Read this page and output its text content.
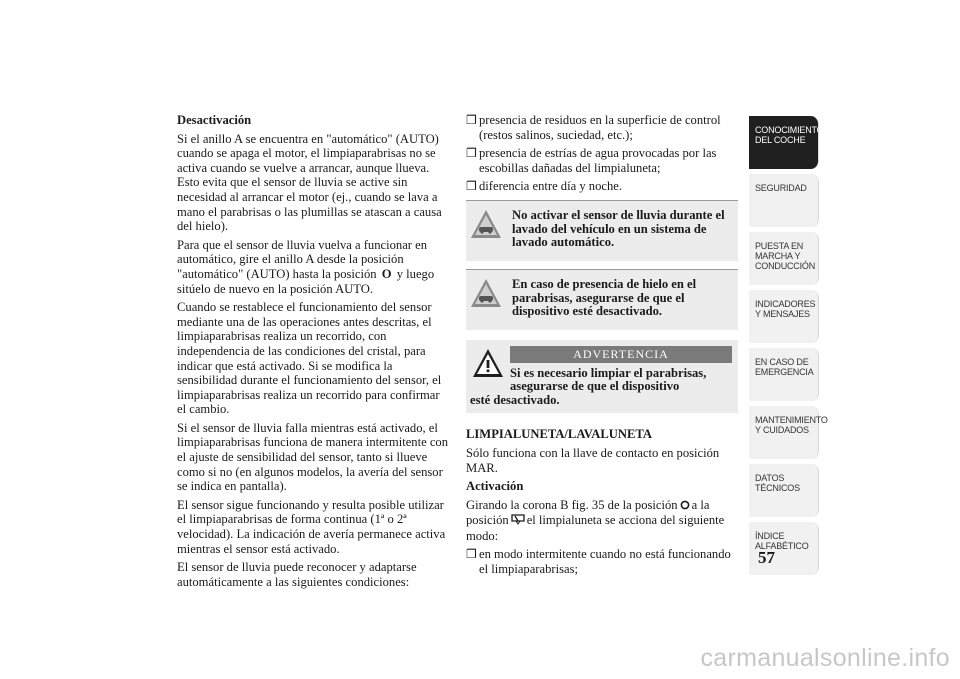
Desactivación

Si el anillo A se encuentra en "automático" (AUTO) cuando se apaga el motor, el limpiaparabrisas no se activa cuando se vuelve a arrancar, aunque llueva. Esto evita que el sensor de lluvia se active sin necesidad al arrancar el motor (ej., cuando se lava a mano el parabrisas o las plumillas se atascan a causa del hielo).

Para que el sensor de lluvia vuelva a funcionar en automático, gire el anillo A desde la posición "automático" (AUTO) hasta la posición O y luego sitúelo de nuevo en la posición AUTO.

Cuando se restablece el funcionamiento del sensor mediante una de las operaciones antes descritas, el limpiaparabrisas realiza un recorrido, con independencia de las condiciones del cristal, para indicar que está activado. Si se modifica la sensibilidad durante el funcionamiento del sensor, el limpiaparabrisas realiza un recorrido para confirmar el cambio.

Si el sensor de lluvia falla mientras está activado, el limpiaparabrisas funciona de manera intermitente con el ajuste de sensibilidad del sensor, tanto si llueve como si no (en algunos modelos, la avería del sensor se indica en pantalla).

El sensor sigue funcionando y resulta posible utilizar el limpiaparabrisas de forma continua (1ª o 2ª velocidad). La indicación de avería permanece activa mientras el sensor está activado.

El sensor de lluvia puede reconocer y adaptarse automáticamente a las siguientes condiciones:

❒ presencia de residuos en la superficie de control (restos salinos, suciedad, etc.);
❒ presencia de estrías de agua provocadas por las escobillas dañadas del limpialuneta;
❒ diferencia entre día y noche.
No activar el sensor de lluvia durante el lavado del vehículo en un sistema de lavado automático.
En caso de presencia de hielo en el parabrisas, asegurarse de que el dispositivo esté desactivado.
ADVERTENCIA
Si es necesario limpiar el parabrisas, asegurarse de que el dispositivo
esté desactivado.

LIMPIALUNETA/LAVALUNETA

Sólo funciona con la llave de contacto en posición MAR.

Activación

Girando la corona B fig. 35 de la posición a la posición el limpialuneta se acciona del siguiente modo:

❒ en modo intermitente cuando no está funcionando el limpiaparabrisas;
CONOCIMIENTO DEL COCHE
SEGURIDAD
PUESTA EN MARCHA Y CONDUCCIÓN
INDICADORES Y MENSAJES
EN CASO DE EMERGENCIA
MANTENIMIENTO Y CUIDADOS
DATOS TÉCNICOS
ÍNDICE ALFABÉTICO
57
carmanualsonline.info
